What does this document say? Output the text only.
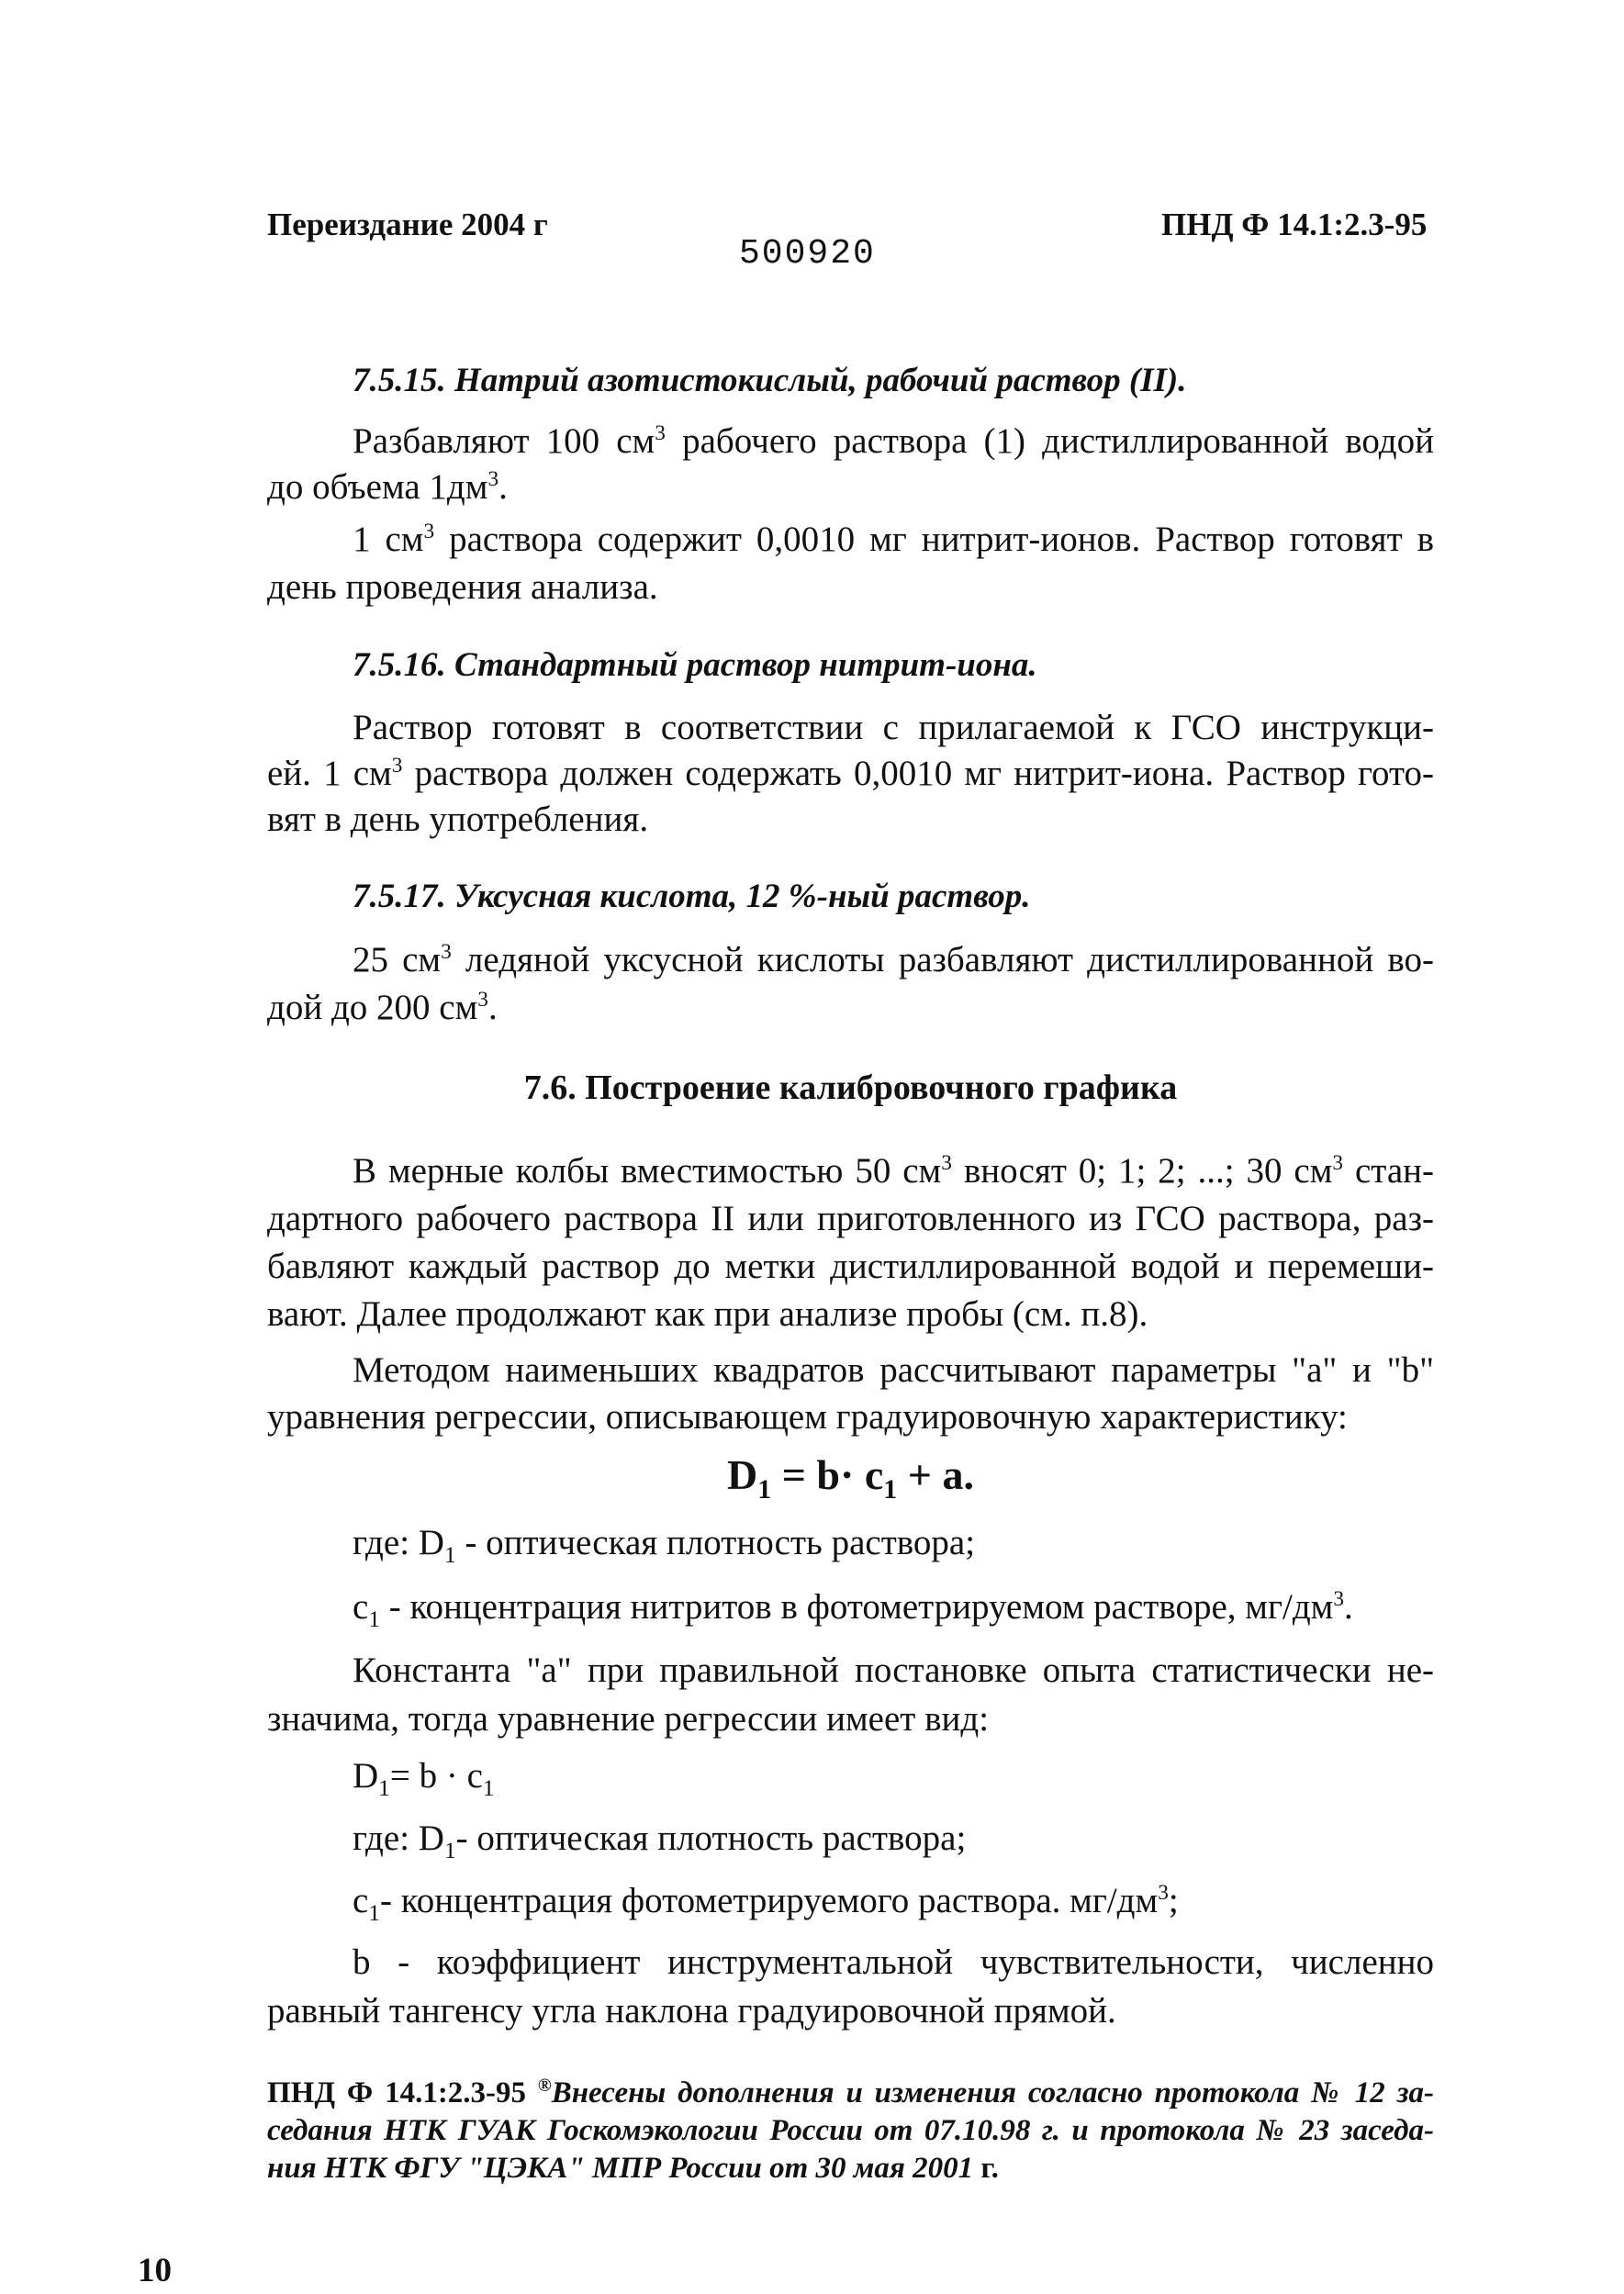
Переиздание 2004 г
500920
ПНД Ф 14.1:2.3-95
7.5.15. Натрий азотистокислый, рабочий раствор (II).
Разбавляют 100 $см^3$ рабочего раствора (1) дистиллированной водой
до объема $1дм^3$.
1 $см^3$ раствора содержит 0,0010 мг нитрит-ионов. Раствор готовят в
день проведения анализа.
7.5.16. Стандартный раствор нитрит-иона.
Раствор готовят в соответствии с прилагаемой к ГСО инструкци-
ей. 1 $см^3$ раствора должен содержать 0,0010 мг нитрит-иона. Раствор гото-
вят в день употребления.
7.5.17. Уксусная кислота, 12 %-ный раствор.
25 $см^3$ ледяной уксусной кислоты разбавляют дистиллированной во-
дой до 200 $см^3$.
7.6. Построение калибровочного графика
В мерные колбы вместимостью 50 $см^3$ вносят 0; 1; 2; ...; 30 $см^3$ стан-
дартного рабочего раствора II или приготовленного из ГСО раствора, раз-
бавляют каждый раствор до метки дистиллированной водой и перемеши-
вают. Далее продолжают как при анализе пробы (см. п.8).
Методом наименьших квадратов рассчитывают параметры "а" и "b"
уравнения регрессии, описывающем градуировочную характеристику:
$D_1 = b\cdot c_1 + a$.
где: $D_1$ - оптическая плотность раствора;
$c_1$ - концентрация нитритов в фотометрируемом растворе, $мг/дм^3$.
Константа "а" при правильной постановке опыта статистически не-
значима, тогда уравнение регрессии имеет вид:
$D_1= b \cdot c_1$
где: $D_1-$ оптическая плотность раствора;
$c_1-$ концентрация фотометрируемого раствора. $мг/дм^3$;
b - коэффициент инструментальной чувствительности, численно
равный тангенсу угла наклона градуировочной прямой.
ПНД Ф 14.1:2.3-95 ®Внесены дополнения и изменения согласно протокола № 12 за-
седания НТК ГУАК Госкомэкологии России от 07.10.98 г. и протокола № 23 заседа-
ния НТК ФГУ "ЦЭКА" МПР России от 30 мая 2001 г.
10
